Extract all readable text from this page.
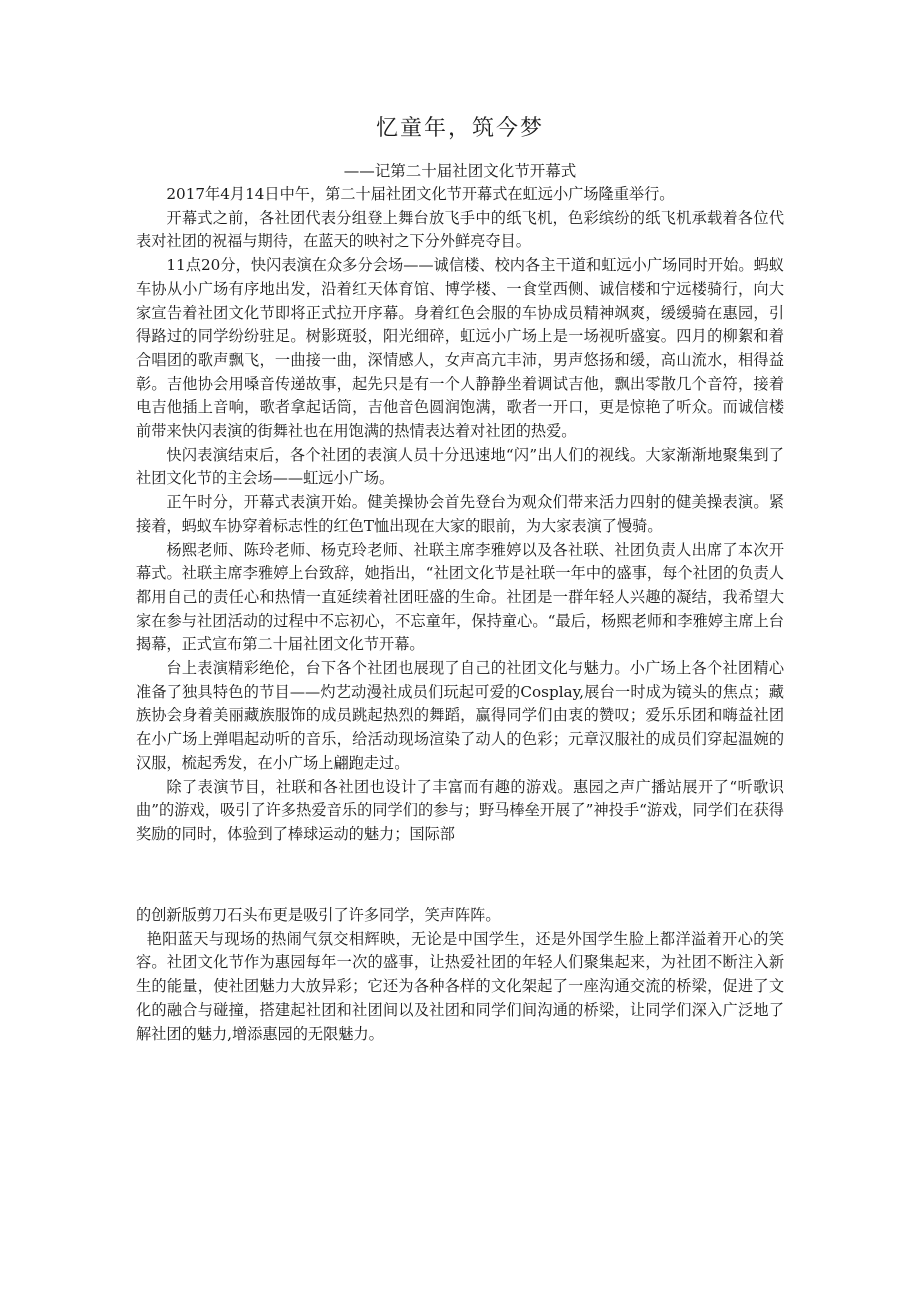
忆童年，筑今梦
——记第二十届社团文化节开幕式

2017年4月14日中午，第二十届社团文化节开幕式在虹远小广场隆重举行。

开幕式之前，各社团代表分组登上舞台放飞手中的纸飞机，色彩缤纷的纸飞机承载着各位代表对社团的祝福与期待，在蓝天的映衬之下分外鲜亮夺目。

11点20分，快闪表演在众多分会场——诚信楼、校内各主干道和虹远小广场同时开始。蚂蚁车协从小广场有序地出发，沿着红天体育馆、博学楼、一食堂西侧、诚信楼和宁远楼骑行，向大家宣告着社团文化节即将正式拉开序幕。身着红色会服的车协成员精神飒爽，缓缓骑在惠园，引得路过的同学纷纷驻足。树影斑驳，阳光细碎，虹远小广场上是一场视听盛宴。四月的柳絮和着合唱团的歌声飘飞，一曲接一曲，深情感人，女声高亢丰沛，男声悠扬和缓，高山流水，相得益彰。吉他协会用嗓音传递故事，起先只是有一个人静静坐着调试吉他，飘出零散几个音符，接着电吉他插上音响，歌者拿起话筒，吉他音色圆润饱满，歌者一开口，更是惊艳了听众。而诚信楼前带来快闪表演的街舞社也在用饱满的热情表达着对社团的热爱。

快闪表演结束后，各个社团的表演人员十分迅速地“闪”出人们的视线。大家渐渐地聚集到了社团文化节的主会场——虹远小广场。

正午时分，开幕式表演开始。健美操协会首先登台为观众们带来活力四射的健美操表演。紧接着，蚂蚁车协穿着标志性的红色T恤出现在大家的眼前，为大家表演了慢骑。

杨熙老师、陈玲老师、杨克玲老师、社联主席李雅婷以及各社联、社团负责人出席了本次开幕式。社联主席李雅婷上台致辞，她指出，“社团文化节是社联一年中的盛事，每个社团的负责人都用自己的责任心和热情一直延续着社团旺盛的生命。社团是一群年轻人兴趣的凝结，我希望大家在参与社团活动的过程中不忘初心，不忘童年，保持童心。“最后，杨熙老师和李雅婷主席上台揭幕，正式宣布第二十届社团文化节开幕。

台上表演精彩绝伦，台下各个社团也展现了自己的社团文化与魅力。小广场上各个社团精心准备了独具特色的节目——灼艺动漫社成员们玩起可爱的Cosplay,展台一时成为镜头的焦点；藏族协会身着美丽藏族服饰的成员跳起热烈的舞蹈，赢得同学们由衷的赞叹；爱乐乐团和嗨益社团在小广场上弹唱起动听的音乐，给活动现场渲染了动人的色彩；元章汉服社的成员们穿起温婉的汉服，梳起秀发，在小广场上翩跑走过。

除了表演节目，社联和各社团也设计了丰富而有趣的游戏。惠园之声广播站展开了“听歌识曲”的游戏，吸引了许多热爱音乐的同学们的参与；野马棒垒开展了”神投手“游戏，同学们在获得奖励的同时，体验到了棒球运动的魅力；国际部

的创新版剪刀石头布更是吸引了许多同学，笑声阵阵。

艳阳蓝天与现场的热闹气氛交相辉映，无论是中国学生，还是外国学生脸上都洋溢着开心的笑容。社团文化节作为惠园每年一次的盛事，让热爱社团的年轻人们聚集起来，为社团不断注入新生的能量，使社团魅力大放异彩；它还为各种各样的文化架起了一座沟通交流的桥梁，促进了文化的融合与碰撞，搭建起社团和社团间以及社团和同学们间沟通的桥梁，让同学们深入广泛地了解社团的魅力,增添惠园的无限魅力。
